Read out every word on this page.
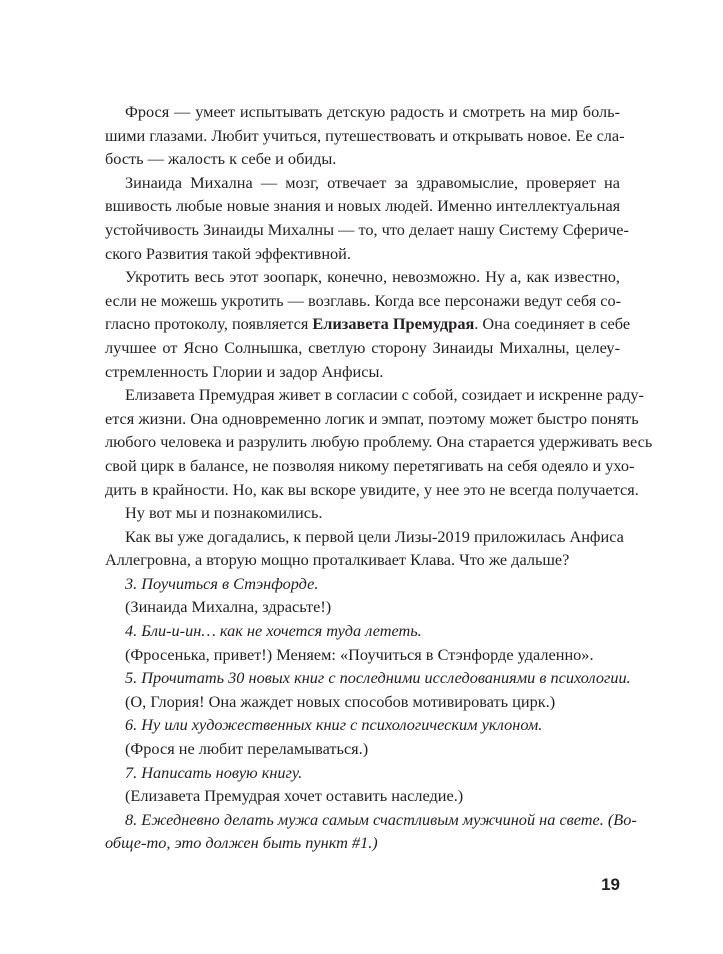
Фрося — умеет испытывать детскую радость и смотреть на мир боль-
шими глазами. Любит учиться, путешествовать и открывать новое. Ее сла-
бость — жалость к себе и обиды.

Зинаида Михална — мозг, отвечает за здравомыслие, проверяет на
вшивость любые новые знания и новых людей. Именно интеллектуальная
устойчивость Зинаиды Михалны — то, что делает нашу Систему Сфериче-
ского Развития такой эффективной.

Укротить весь этот зоопарк, конечно, невозможно. Ну а, как известно,
если не можешь укротить — возглавь. Когда все персонажи ведут себя со-
гласно протоколу, появляется Елизавета Премудрая. Она соединяет в себе
лучшее от Ясно Солнышка, светлую сторону Зинаиды Михалны, целеу-
стремленность Глории и задор Анфисы.

Елизавета Премудрая живет в согласии с собой, созидает и искренне раду-
ется жизни. Она одновременно логик и эмпат, поэтому может быстро понять
любого человека и разрулить любую проблему. Она старается удерживать весь
свой цирк в балансе, не позволяя никому перетягивать на себя одеяло и ухо-
дить в крайности. Но, как вы вскоре увидите, у нее это не всегда получается.

Ну вот мы и познакомились.

Как вы уже догадались, к первой цели Лизы-2019 приложилась Анфиса
Аллегровна, а вторую мощно проталкивает Клава. Что же дальше?

3. Поучиться в Стэнфорде.

(Зинаида Михална, здрасьте!)

4. Бли-и-ин… как не хочется туда лететь.

(Фросенька, привет!) Меняем: «Поучиться в Стэнфорде удаленно».

5. Прочитать 30 новых книг с последними исследованиями в психологии.

(О, Глория! Она жаждет новых способов мотивировать цирк.)

6. Ну или художественных книг с психологическим уклоном.

(Фрося не любит переламываться.)

7. Написать новую книгу.

(Елизавета Премудрая хочет оставить наследие.)

8. Ежедневно делать мужа самым счастливым мужчиной на свете. (Во-
обще-то, это должен быть пункт #1.)

19
